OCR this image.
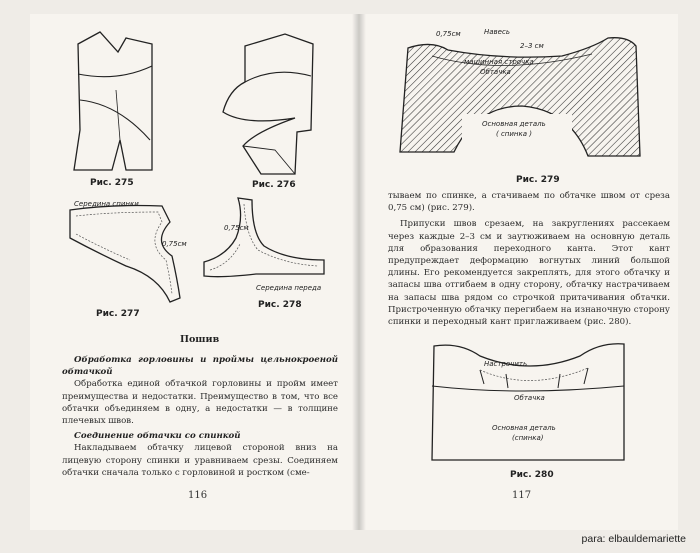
Рис. 275	Рис. 276
Середина спинки
0,75см
Рис. 277
0,75см
Середина переда
Рис. 278
Пошив

Обработка горловины и проймы цельнокроеной обтачкой

Обработка единой обтачкой горловины и пройм имеет преимущества и недостатки. Преимущество в том, что все обтачки объединяем в одну, а недостатки — в толщине плечевых швов.

Соединение обтачки со спинкой

Накладываем обтачку лицевой стороной вниз на лицевую сторону спинки и уравниваем срезы. Соединяем обтачки сначала только с горловиной и ростком (сме-

116
0,75см	Навесь
2–3 см
машинная строчка
Обтачка
Основная деталь
( спинка )
Рис. 279

тываем по спинке, а стачиваем по обтачке швом от среза 0,75 см) (рис. 279).

Припуски швов срезаем, на закруглениях рассекаем через каждые 2–3 см и заутюживаем на основную деталь для образования переходного канта. Этот кант предупреждает деформацию вогнутых линий большой длины. Его рекомендуется закреплять, для этого обтачку и запасы шва отгибаем в одну сторону, обтачку настрачиваем на запасы шва рядом со строчкой притачивания обтачки. Пристроченную обтачку перегибаем на изнаночную сторону спинки и переходный кант приглаживаем (рис. 280).

Настрочить
Обтачка
Основная деталь
(спинка)
Рис. 280
117
para: elbauldemariette
